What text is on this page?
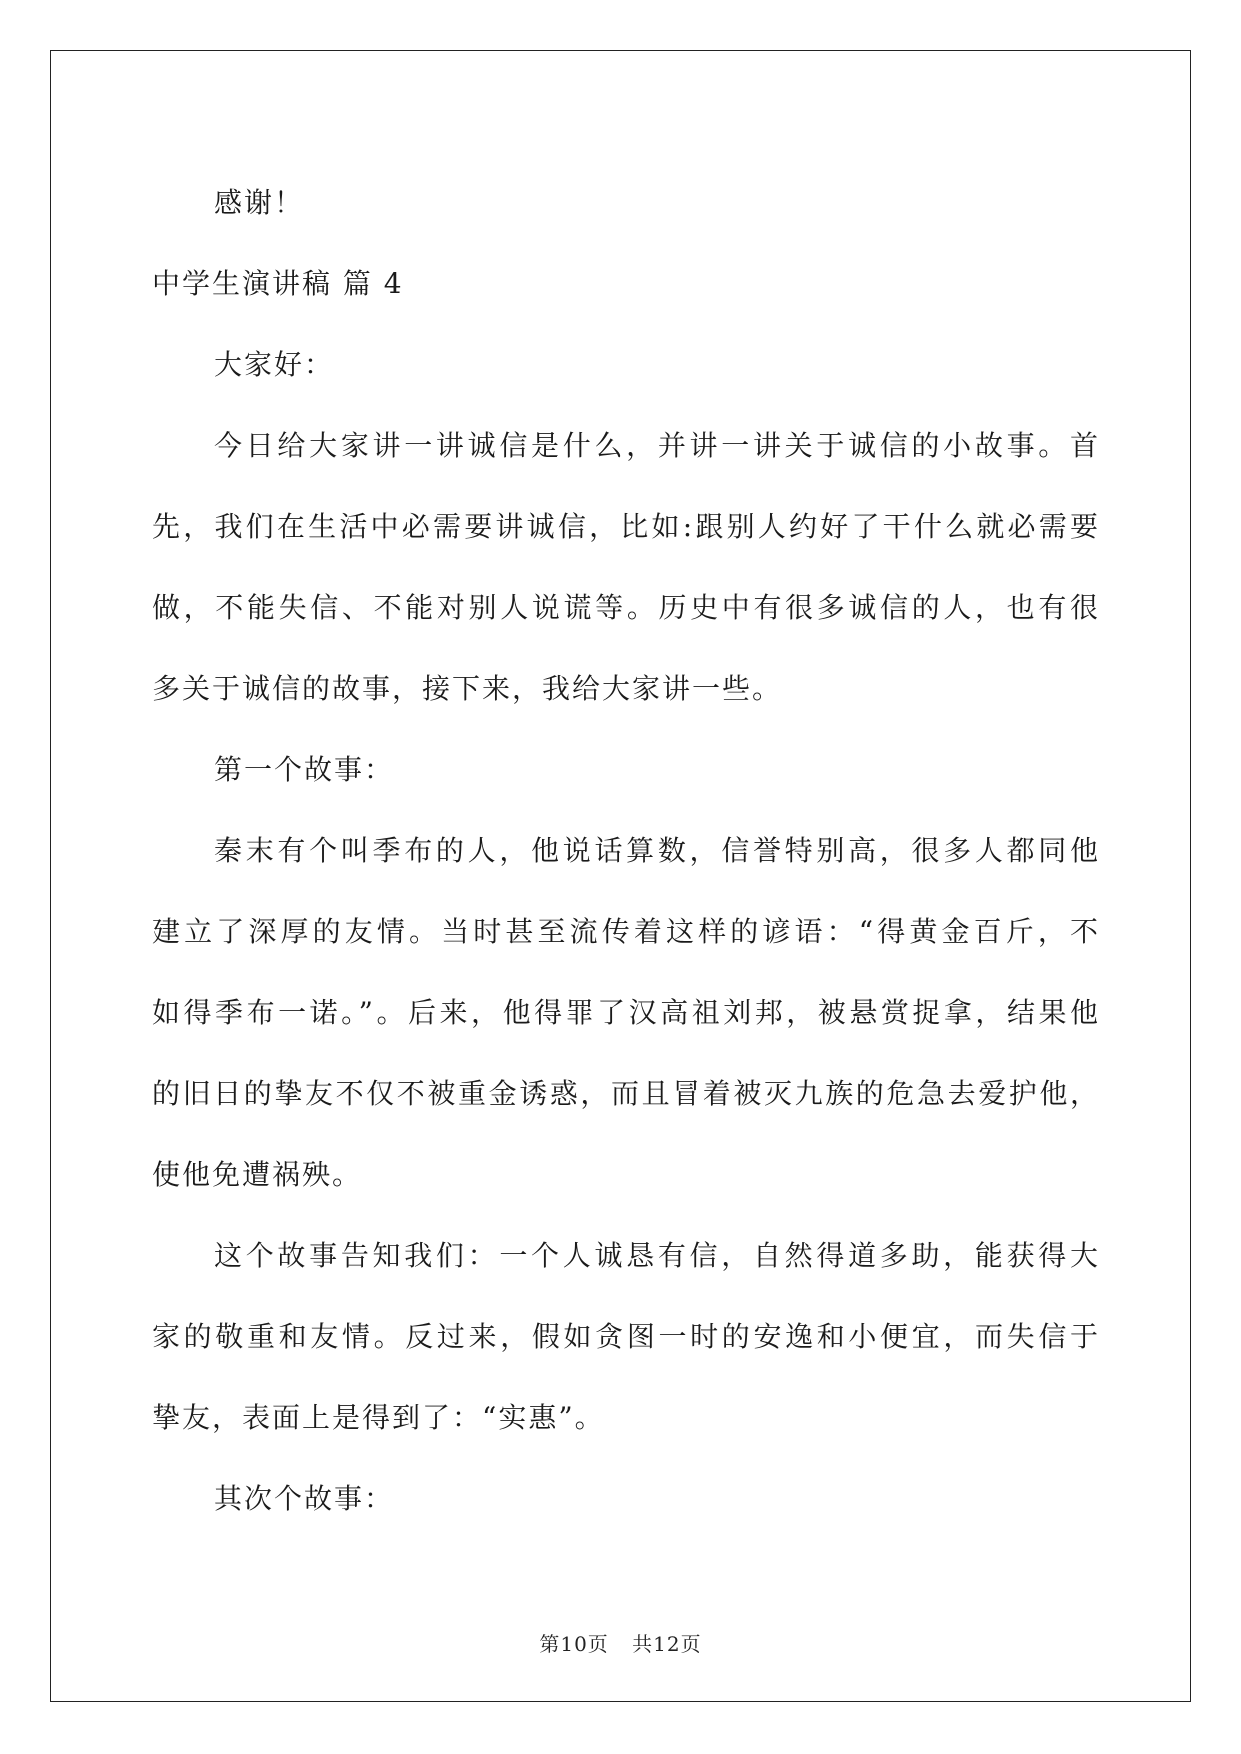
感谢！

中学生演讲稿 篇 4

大家好：

今日给大家讲一讲诚信是什么，并讲一讲关于诚信的小故事。首

先，我们在生活中必需要讲诚信，比如:跟别人约好了干什么就必需要

做，不能失信、不能对别人说谎等。历史中有很多诚信的人，也有很

多关于诚信的故事，接下来，我给大家讲一些。

第一个故事：

秦末有个叫季布的人，他说话算数，信誉特别高，很多人都同他

建立了深厚的友情。当时甚至流传着这样的谚语：“得黄金百斤，不

如得季布一诺。”。后来，他得罪了汉高祖刘邦，被悬赏捉拿，结果他

的旧日的挚友不仅不被重金诱惑，而且冒着被灭九族的危急去爱护他，

使他免遭祸殃。

这个故事告知我们：一个人诚恳有信，自然得道多助，能获得大

家的敬重和友情。反过来，假如贪图一时的安逸和小便宜，而失信于

挚友，表面上是得到了：“实惠”。

其次个故事：

第10页 共12页
